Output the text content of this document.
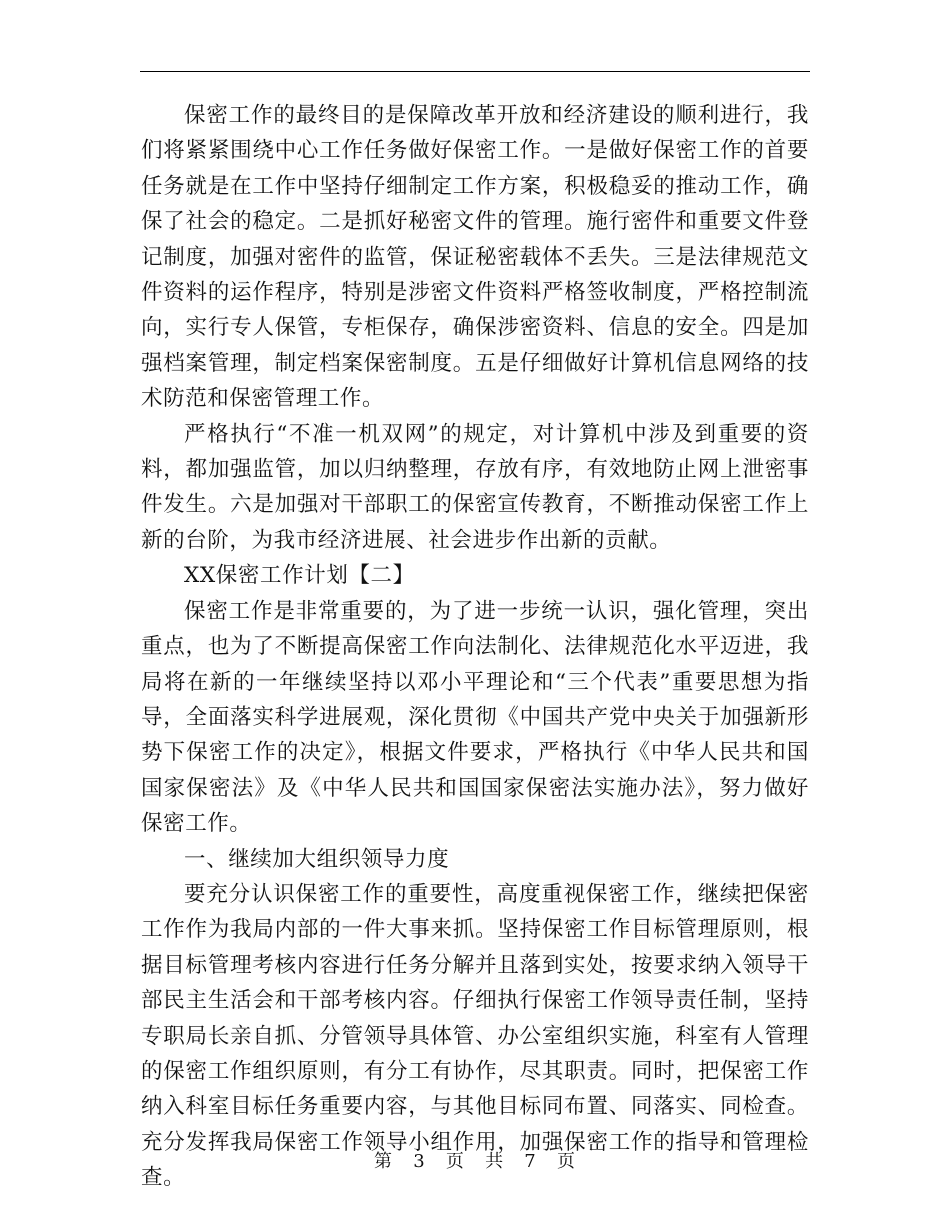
保密工作的最终目的是保障改革开放和经济建设的顺利进行，我们将紧紧围绕中心工作任务做好保密工作。一是做好保密工作的首要任务就是在工作中坚持仔细制定工作方案，积极稳妥的推动工作，确保了社会的稳定。二是抓好秘密文件的管理。施行密件和重要文件登记制度，加强对密件的监管，保证秘密载体不丢失。三是法律规范文件资料的运作程序，特别是涉密文件资料严格签收制度，严格控制流向，实行专人保管，专柜保存，确保涉密资料、信息的安全。四是加强档案管理，制定档案保密制度。五是仔细做好计算机信息网络的技术防范和保密管理工作。

严格执行“不准一机双网”的规定，对计算机中涉及到重要的资料，都加强监管，加以归纳整理，存放有序，有效地防止网上泄密事件发生。六是加强对干部职工的保密宣传教育，不断推动保密工作上新的台阶，为我市经济进展、社会进步作出新的贡献。

XX保密工作计划【二】

保密工作是非常重要的，为了进一步统一认识，强化管理，突出重点，也为了不断提高保密工作向法制化、法律规范化水平迈进，我局将在新的一年继续坚持以邓小平理论和“三个代表”重要思想为指导，全面落实科学进展观，深化贯彻《中国共产党中央关于加强新形势下保密工作的决定》，根据文件要求，严格执行《中华人民共和国国家保密法》及《中华人民共和国国家保密法实施办法》，努力做好保密工作。

一、继续加大组织领导力度

要充分认识保密工作的重要性，高度重视保密工作，继续把保密工作作为我局内部的一件大事来抓。坚持保密工作目标管理原则，根据目标管理考核内容进行任务分解并且落到实处，按要求纳入领导干部民主生活会和干部考核内容。仔细执行保密工作领导责任制，坚持专职局长亲自抓、分管领导具体管、办公室组织实施，科室有人管理的保密工作组织原则，有分工有协作，尽其职责。同时，把保密工作纳入科室目标任务重要内容，与其他目标同布置、同落实、同检查。充分发挥我局保密工作领导小组作用，加强保密工作的指导和管理检查。

第 3 页 共 7 页
